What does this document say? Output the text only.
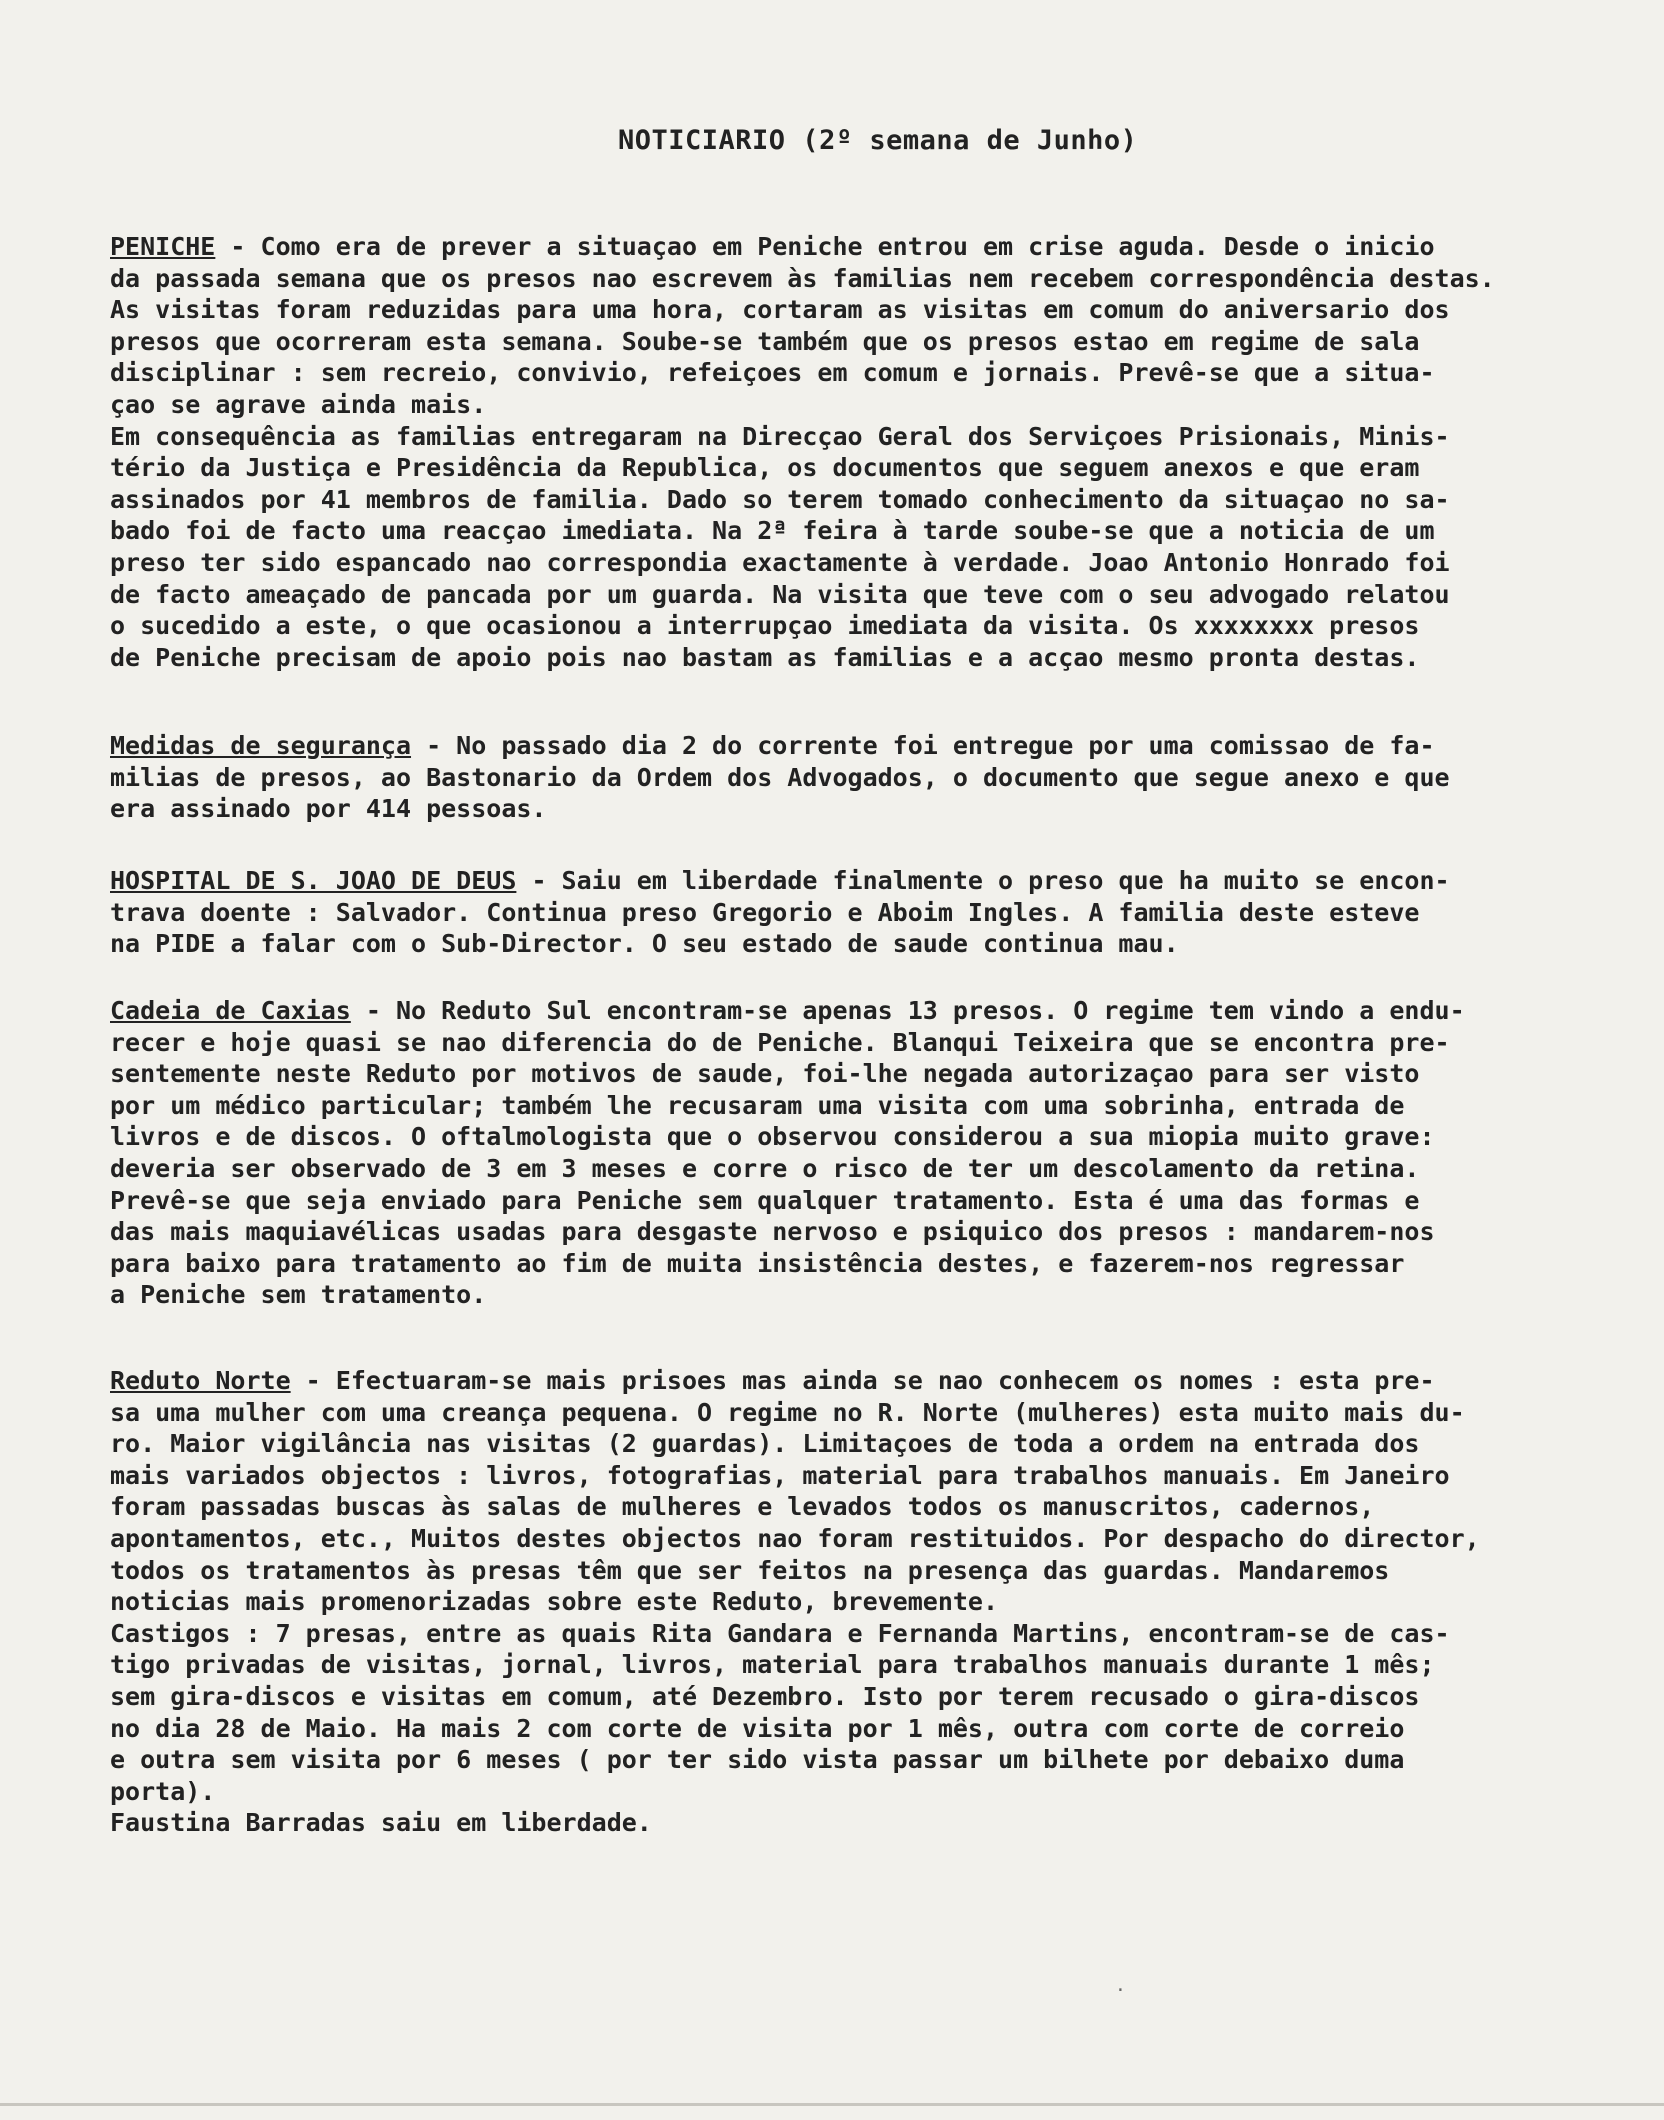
NOTICIARIO (2º semana de Junho)
PENICHE - Como era de prever a situaçao em Peniche entrou em crise aguda. Desde o inicio
da passada semana que os presos nao escrevem às familias nem recebem correspondência destas.
As visitas foram reduzidas para uma hora, cortaram as visitas em comum do aniversario dos
presos que ocorreram esta semana. Soube-se também que os presos estao em regime de sala
disciplinar : sem recreio, convivio, refeiçoes em comum e jornais. Prevê-se que a situa-
çao se agrave ainda mais.
Em consequência as familias entregaram na Direcçao Geral dos Serviçoes Prisionais, Minis-
tério da Justiça e Presidência da Republica, os documentos que seguem anexos e que eram
assinados por 41 membros de familia. Dado so terem tomado conhecimento da situaçao no sa-
bado foi de facto uma reacçao imediata. Na 2ª feira à tarde soube-se que a noticia de um
preso ter sido espancado nao correspondia exactamente à verdade. Joao Antonio Honrado foi
de facto ameaçado de pancada por um guarda. Na visita que teve com o seu advogado relatou
o sucedido a este, o que ocasionou a interrupçao imediata da visita. Os xxxxxxxx presos
de Peniche precisam de apoio pois nao bastam as familias e a acçao mesmo pronta destas.
Medidas de segurança - No passado dia 2 do corrente foi entregue por uma comissao de fa-
milias de presos, ao Bastonario da Ordem dos Advogados, o documento que segue anexo e que
era assinado por 414 pessoas.
HOSPITAL DE S. JOAO DE DEUS - Saiu em liberdade finalmente o preso que ha muito se encon-
trava doente : Salvador. Continua preso Gregorio e Aboim Ingles. A familia deste esteve
na PIDE a falar com o Sub-Director. O seu estado de saude continua mau.
Cadeia de Caxias - No Reduto Sul encontram-se apenas 13 presos. O regime tem vindo a endu-
recer e hoje quasi se nao diferencia do de Peniche. Blanqui Teixeira que se encontra pre-
sentemente neste Reduto por motivos de saude, foi-lhe negada autorizaçao para ser visto
por um médico particular; também lhe recusaram uma visita com uma sobrinha, entrada de
livros e de discos. O oftalmologista que o observou considerou a sua miopia muito grave:
deveria ser observado de 3 em 3 meses e corre o risco de ter um descolamento da retina.
Prevê-se que seja enviado para Peniche sem qualquer tratamento. Esta é uma das formas e
das mais maquiavélicas usadas para desgaste nervoso e psiquico dos presos : mandarem-nos
para baixo para tratamento ao fim de muita insistência destes, e fazerem-nos regressar
a Peniche sem tratamento.
Reduto Norte - Efectuaram-se mais prisoes mas ainda se nao conhecem os nomes : esta pre-
sa uma mulher com uma creança pequena. O regime no R. Norte (mulheres) esta muito mais du-
ro. Maior vigilância nas visitas (2 guardas). Limitaçoes de toda a ordem na entrada dos
mais variados objectos : livros, fotografias, material para trabalhos manuais. Em Janeiro
foram passadas buscas às salas de mulheres e levados todos os manuscritos, cadernos,
apontamentos, etc., Muitos destes objectos nao foram restituidos. Por despacho do director,
todos os tratamentos às presas têm que ser feitos na presença das guardas. Mandaremos
noticias mais promenorizadas sobre este Reduto, brevemente.
Castigos : 7 presas, entre as quais Rita Gandara e Fernanda Martins, encontram-se de cas-
tigo privadas de visitas, jornal, livros, material para trabalhos manuais durante 1 mês;
sem gira-discos e visitas em comum, até Dezembro. Isto por terem recusado o gira-discos
no dia 28 de Maio. Ha mais 2 com corte de visita por 1 mês, outra com corte de correio
e outra sem visita por 6 meses ( por ter sido vista passar um bilhete por debaixo duma
porta).
Faustina Barradas saiu em liberdade.
·
